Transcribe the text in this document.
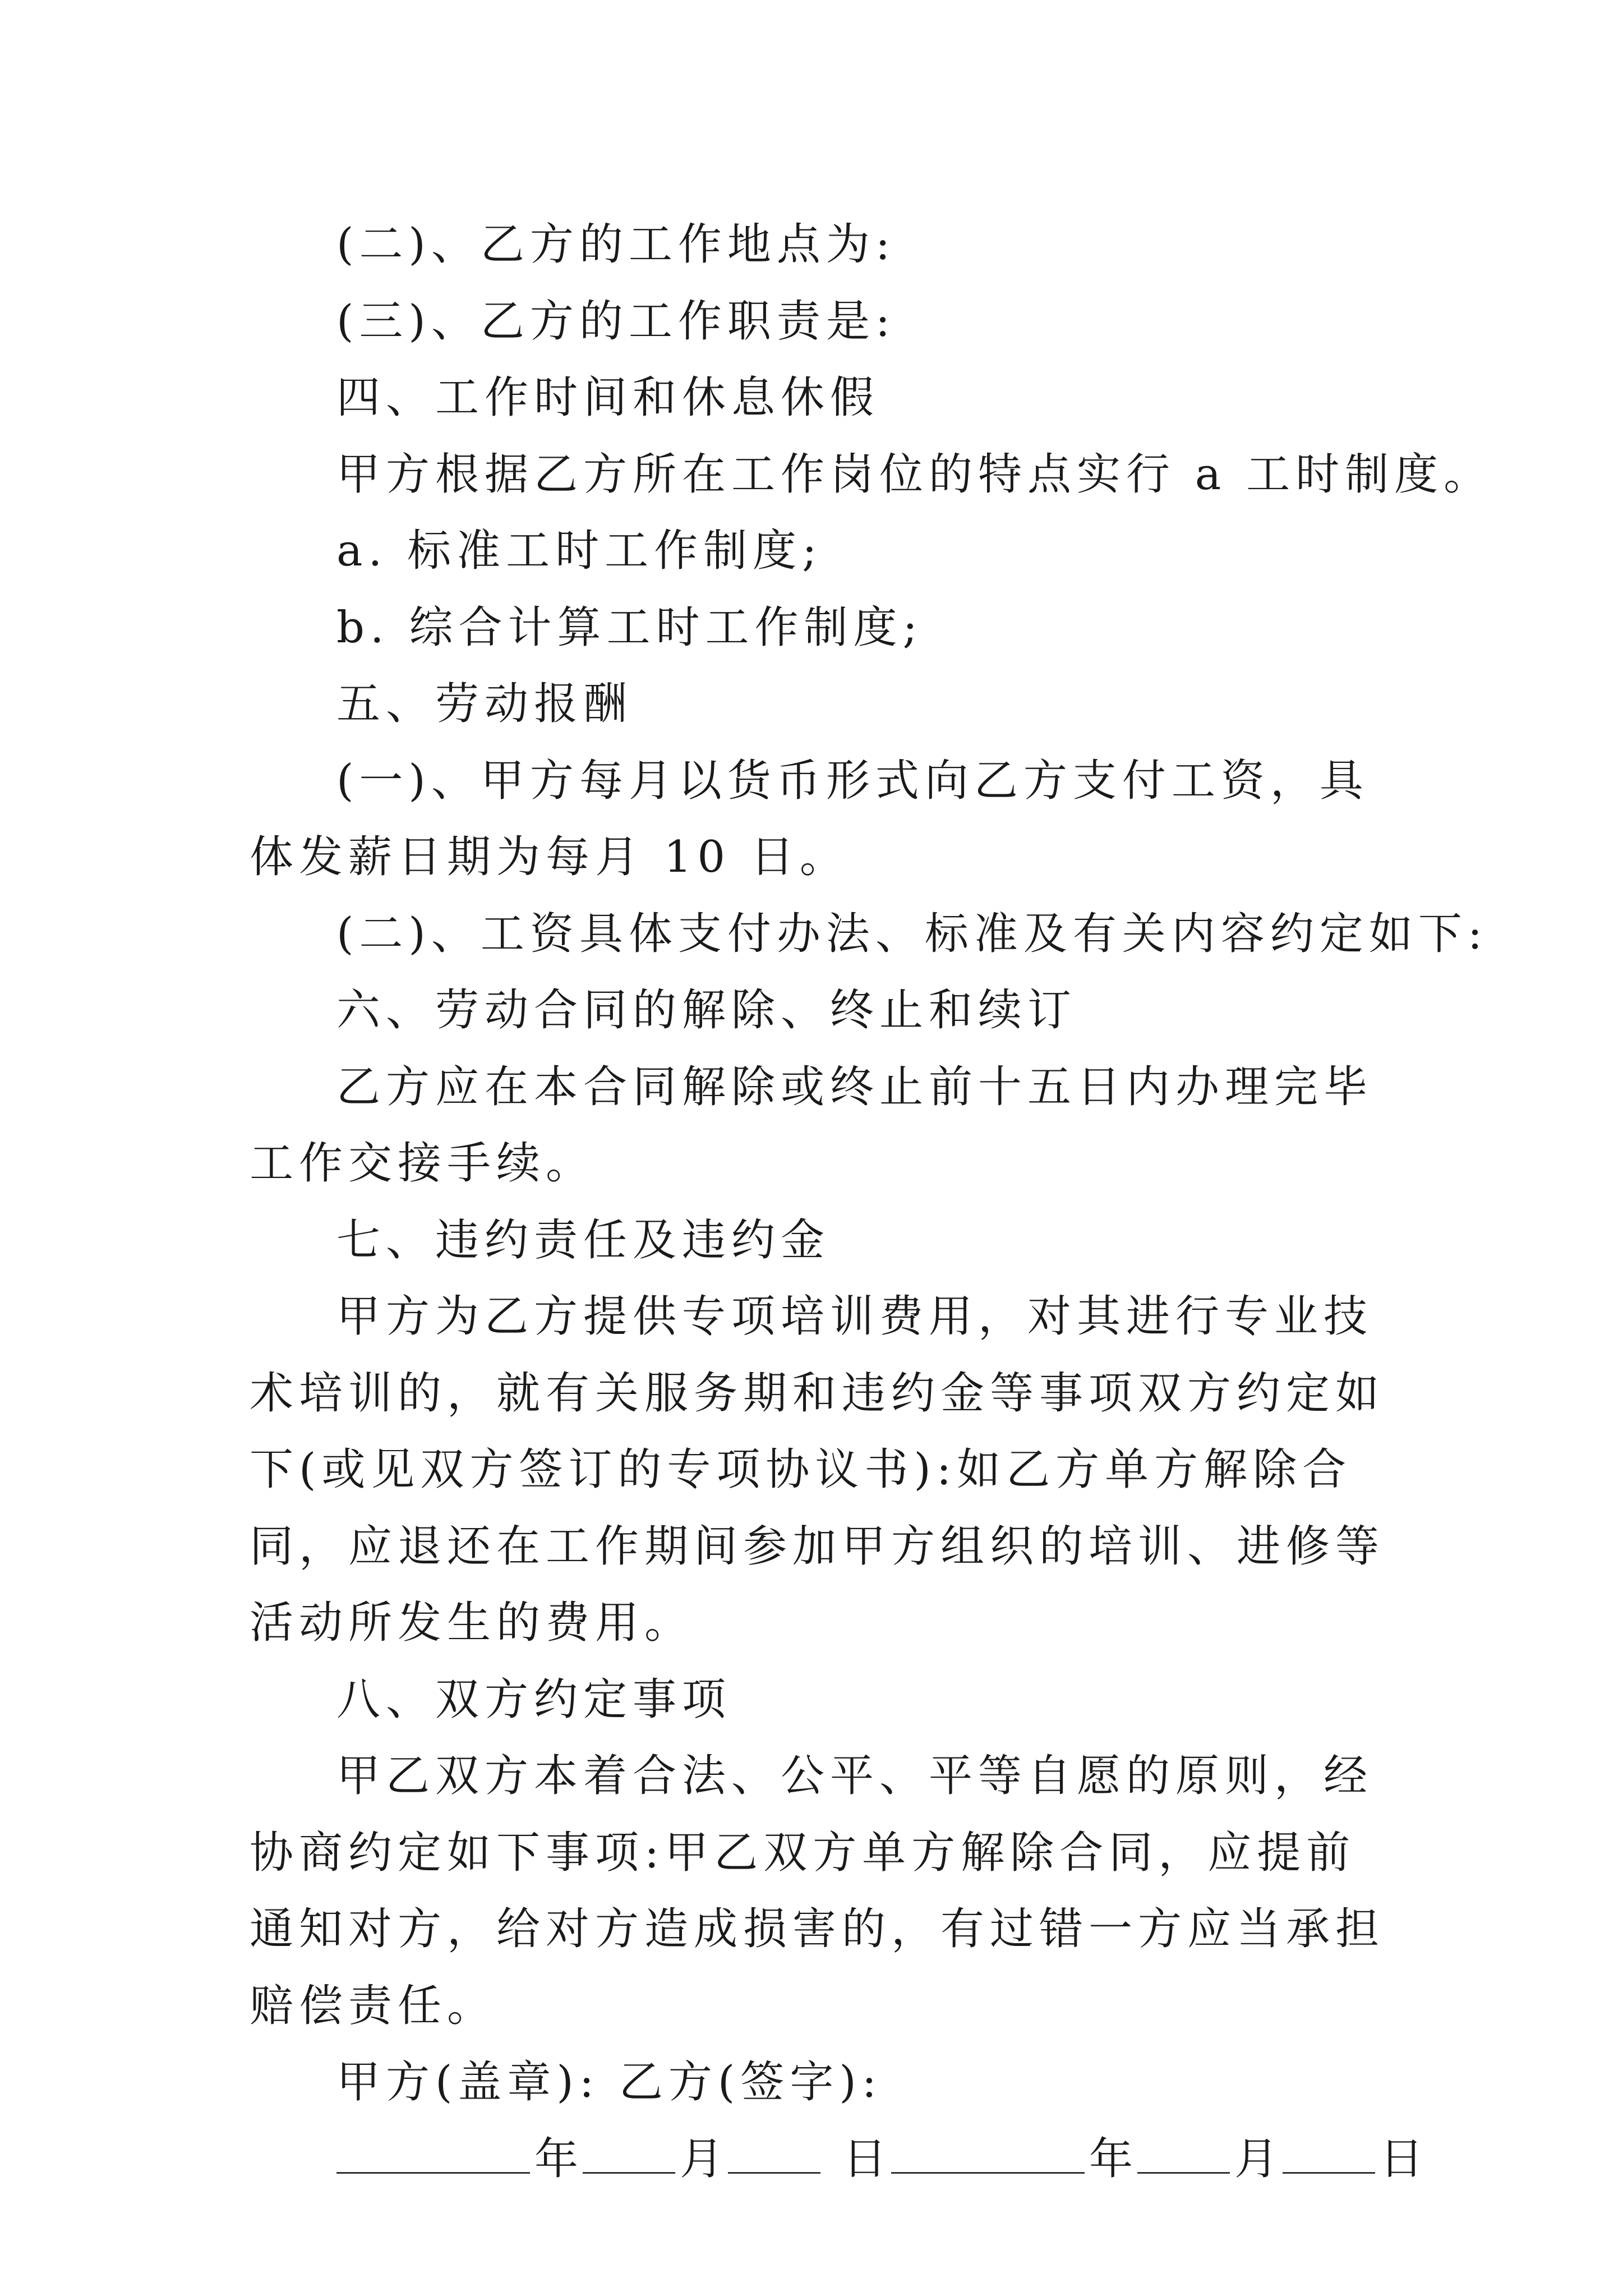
(二)、乙方的工作地点为:

(三)、乙方的工作职责是:

四、工作时间和休息休假

甲方根据乙方所在工作岗位的特点实行 a 工时制度。

a. 标准工时工作制度;

b. 综合计算工时工作制度;

五、劳动报酬

(一)、甲方每月以货币形式向乙方支付工资，具体发薪日期为每月 10 日。

(二)、工资具体支付办法、标准及有关内容约定如下:

六、劳动合同的解除、终止和续订

乙方应在本合同解除或终止前十五日内办理完毕工作交接手续。

七、违约责任及违约金

甲方为乙方提供专项培训费用，对其进行专业技术培训的，就有关服务期和违约金等事项双方约定如下(或见双方签订的专项协议书):如乙方单方解除合同，应退还在工作期间参加甲方组织的培训、进修等活动所发生的费用。

八、双方约定事项

甲乙双方本着合法、公平、平等自愿的原则，经协商约定如下事项:甲乙双方单方解除合同，应提前通知对方，给对方造成损害的，有过错一方应当承担赔偿责任。

甲方(盖章): 乙方(签字):

年 月	日	年 月 日
